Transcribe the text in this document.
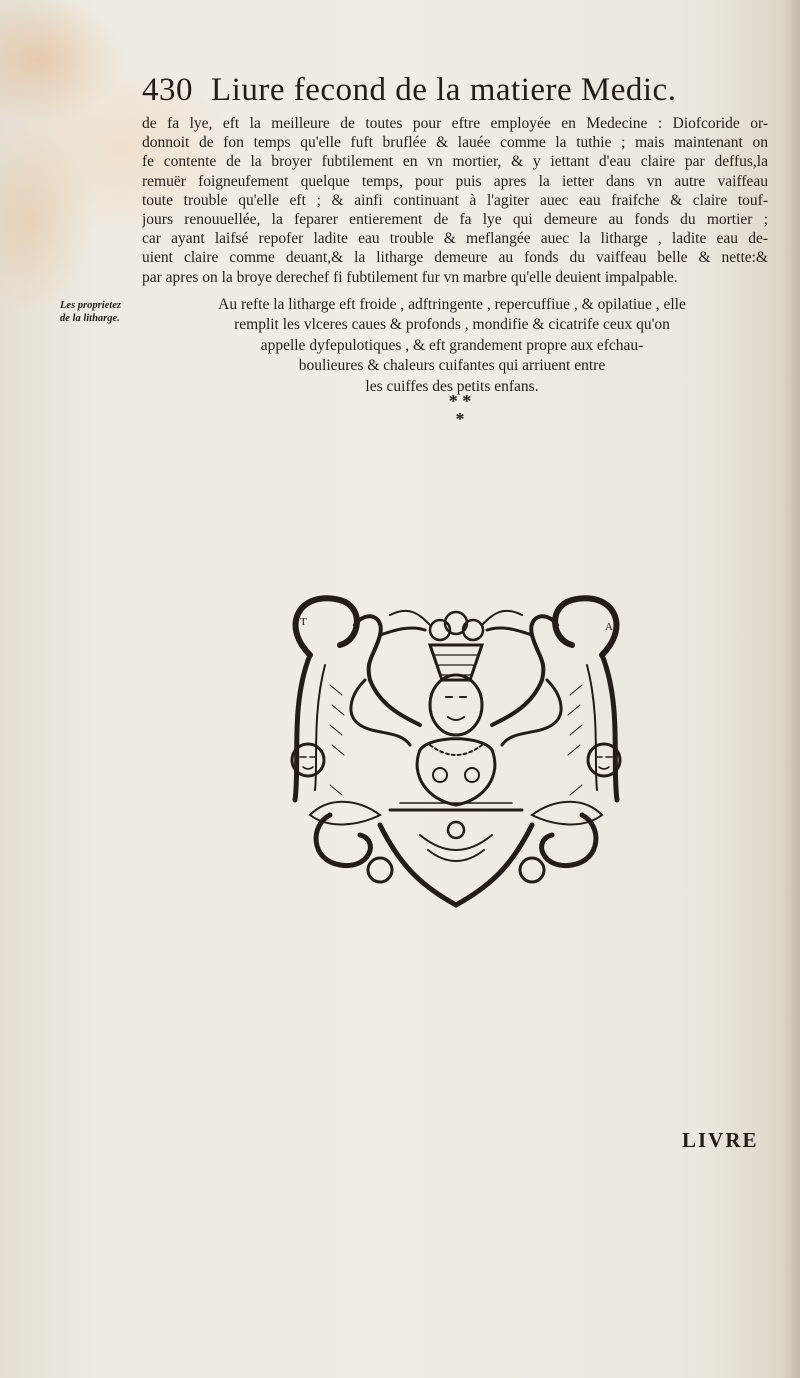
430 Liure fecond de la matiere Medic.
de fa lye, eft la meilleure de toutes pour eftre employée en Medecine : Diofcoride or-
donnoit de fon temps qu'elle fuft bruflée & lauée comme la tuthie ; mais maintenant on
fe contente de la broyer fubtilement en vn mortier, & y iettant d'eau claire par deffus,la
remuër foigneufement quelque temps, pour puis apres la ietter dans vn autre vaiffeau
toute trouble qu'elle eft ; & ainfi continuant à l'agiter auec eau fraifche & claire touf-
jours renouuellée, la feparer entierement de fa lye qui demeure au fonds du mortier ;
car ayant laifsé repofer ladite eau trouble & meflangée auec la litharge , ladite eau de-
uient claire comme deuant,& la litharge demeure au fonds du vaiffeau belle & nette:&
par apres on la broye derechef fi fubtilement fur vn marbre qu'elle deuient impalpable.
Les proprietez
de la litharge.
Au refte la litharge eft froide , adftringente , repercuffiue , & opilatiue , elle
remplit les vlceres caues & profonds , mondifie & cicatrife ceux qu'on
appelle dyfepulotiques , & eft grandement propre aux efchau-
boulieures & chaleurs cuifantes qui arriuent entre
les cuiffes des petits enfans.
* *
*
T	A
LIVRE
